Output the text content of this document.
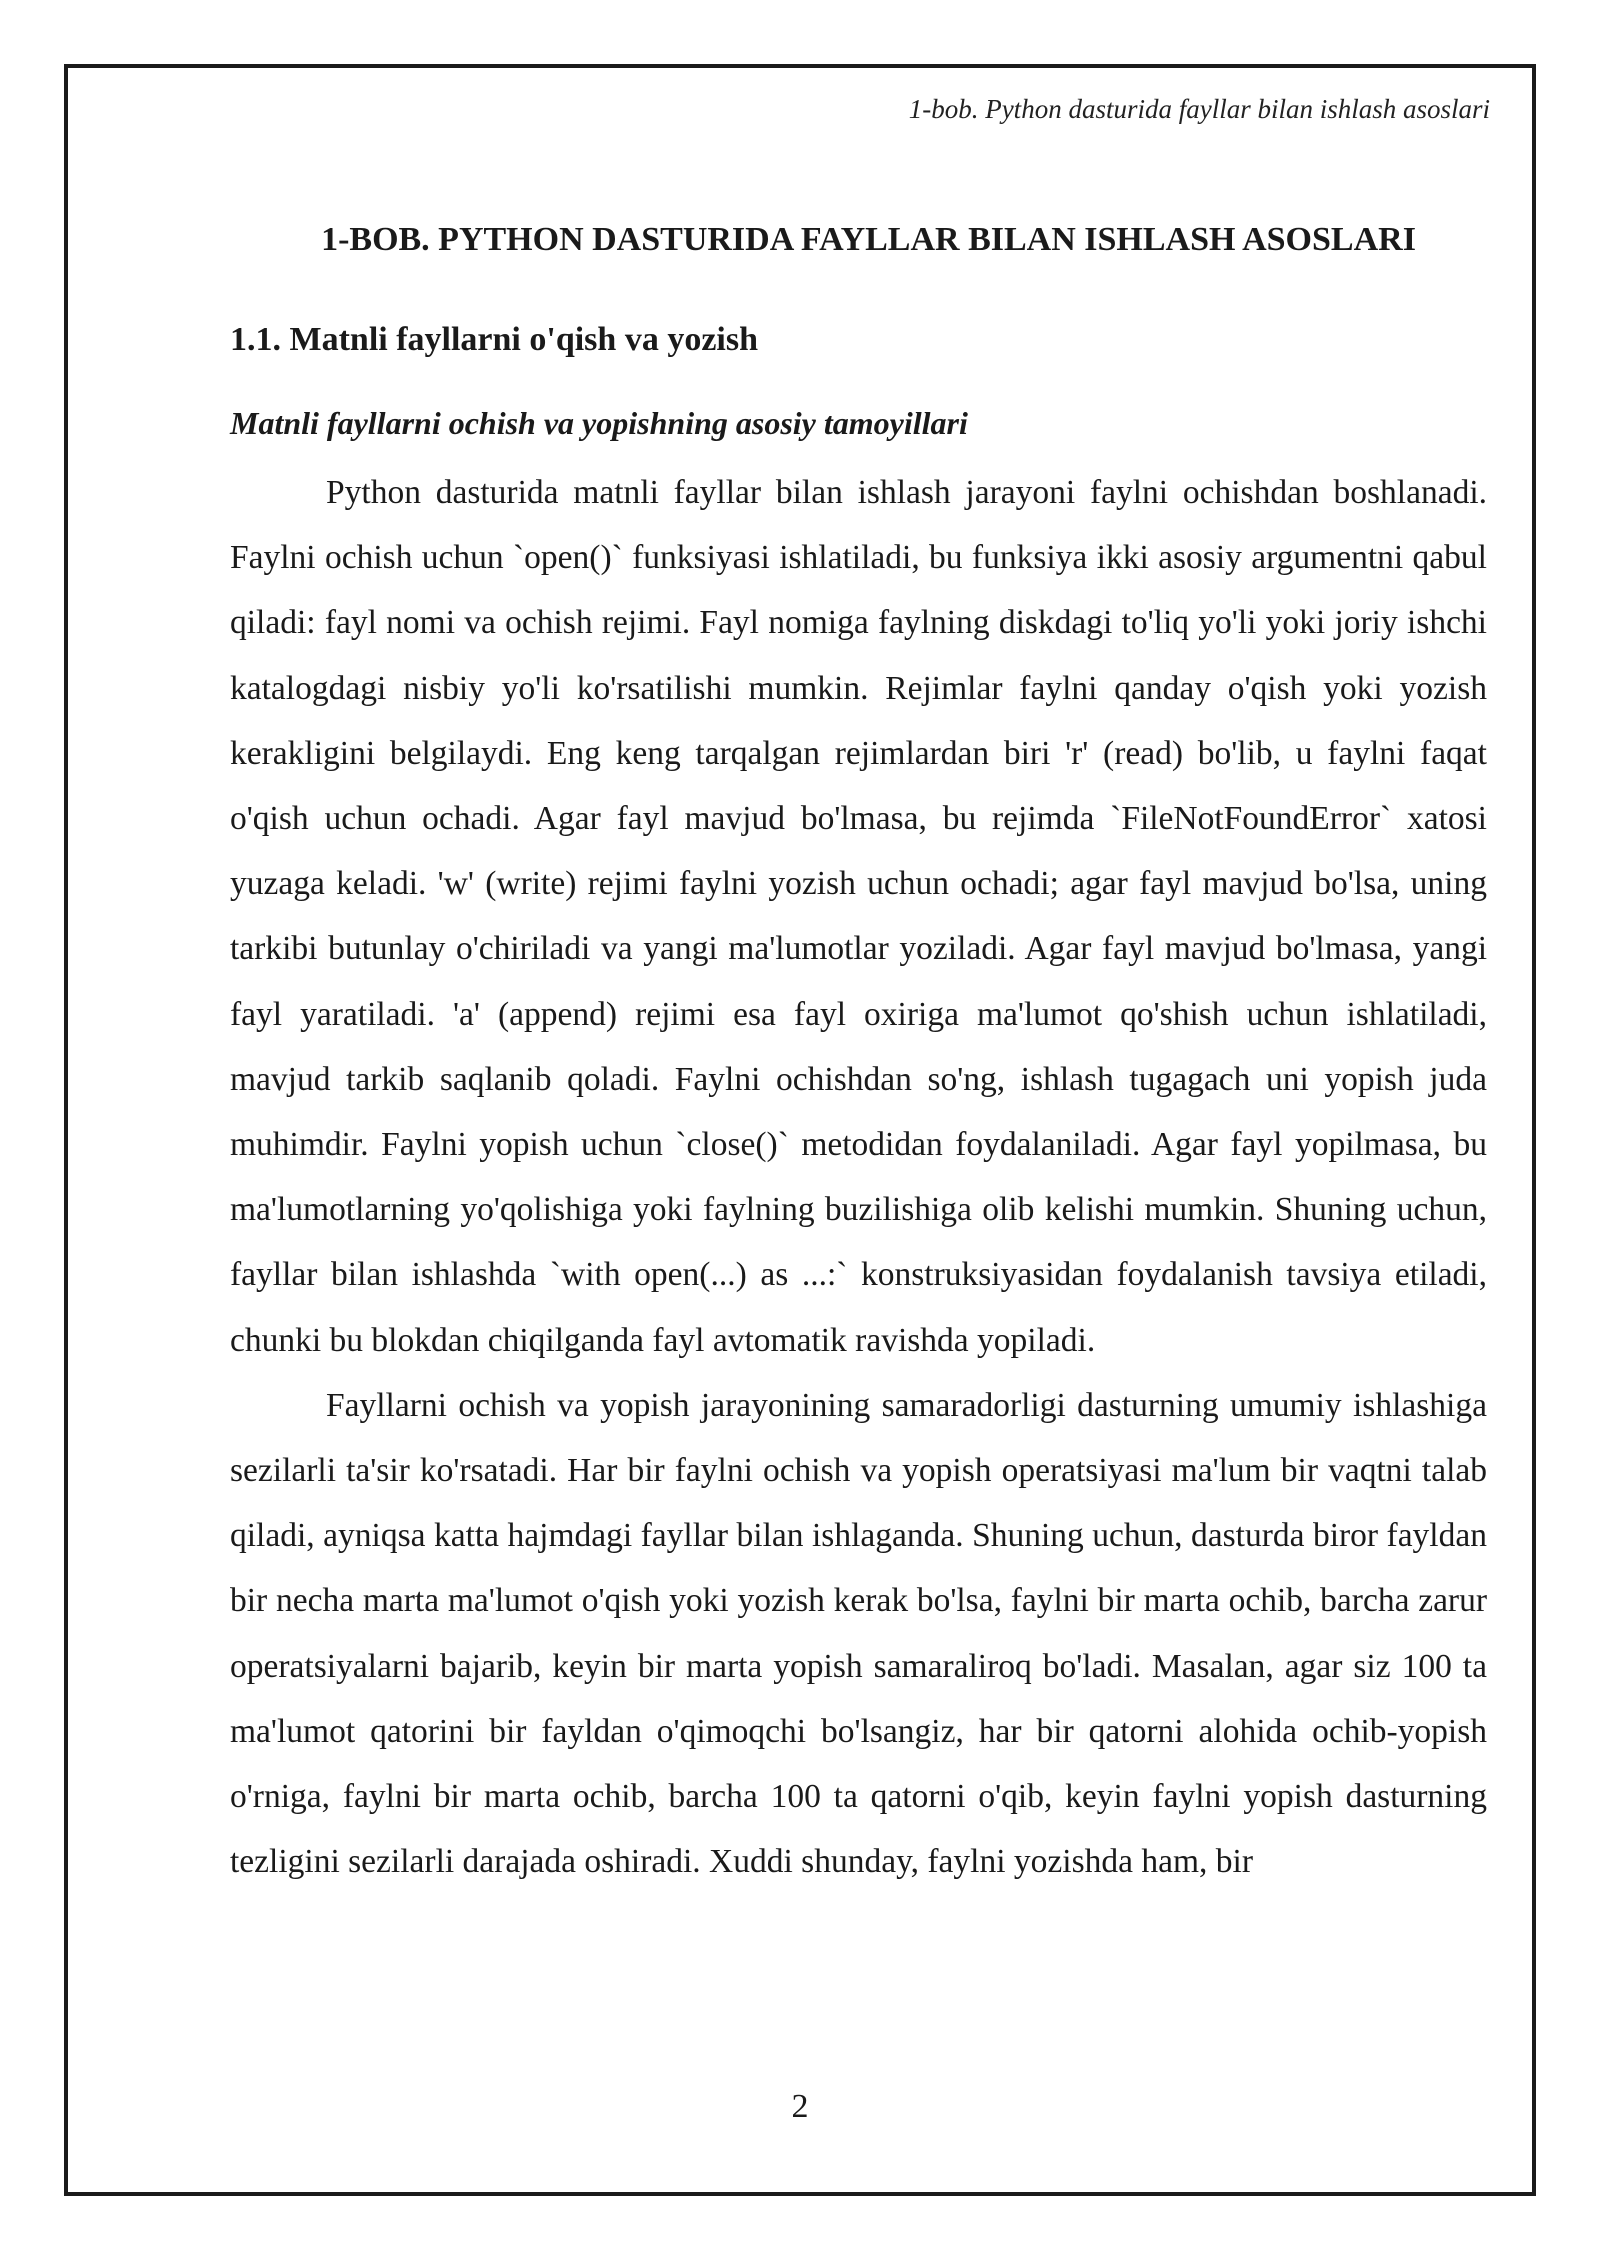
1-bob. Python dasturida fayllar bilan ishlash asoslari
1-BOB. PYTHON DASTURIDA FAYLLAR BILAN ISHLASH ASOSLARI
1.1. Matnli fayllarni o'qish va yozish
Matnli fayllarni ochish va yopishning asosiy tamoyillari

Python dasturida matnli fayllar bilan ishlash jarayoni faylni ochishdan boshlanadi. Faylni ochish uchun `open()` funksiyasi ishlatiladi, bu funksiya ikki asosiy argumentni qabul qiladi: fayl nomi va ochish rejimi. Fayl nomiga faylning diskdagi to'liq yo'li yoki joriy ishchi katalogdagi nisbiy yo'li ko'rsatilishi mumkin. Rejimlar faylni qanday o'qish yoki yozish kerakligini belgilaydi. Eng keng tarqalgan rejimlardan biri 'r' (read) bo'lib, u faylni faqat o'qish uchun ochadi. Agar fayl mavjud bo'lmasa, bu rejimda `FileNotFoundError` xatosi yuzaga keladi. 'w' (write) rejimi faylni yozish uchun ochadi; agar fayl mavjud bo'lsa, uning tarkibi butunlay o'chiriladi va yangi ma'lumotlar yoziladi. Agar fayl mavjud bo'lmasa, yangi fayl yaratiladi. 'a' (append) rejimi esa fayl oxiriga ma'lumot qo'shish uchun ishlatiladi, mavjud tarkib saqlanib qoladi. Faylni ochishdan so'ng, ishlash tugagach uni yopish juda muhimdir. Faylni yopish uchun `close()` metodidan foydalaniladi. Agar fayl yopilmasa, bu ma'lumotlarning yo'qolishiga yoki faylning buzilishiga olib kelishi mumkin. Shuning uchun, fayllar bilan ishlashda `with open(...) as ...:` konstruksiyasidan foydalanish tavsiya etiladi, chunki bu blokdan chiqilganda fayl avtomatik ravishda yopiladi.

Fayllarni ochish va yopish jarayonining samaradorligi dasturning umumiy ishlashiga sezilarli ta'sir ko'rsatadi. Har bir faylni ochish va yopish operatsiyasi ma'lum bir vaqtni talab qiladi, ayniqsa katta hajmdagi fayllar bilan ishlaganda. Shuning uchun, dasturda biror fayldan bir necha marta ma'lumot o'qish yoki yozish kerak bo'lsa, faylni bir marta ochib, barcha zarur operatsiyalarni bajarib, keyin bir marta yopish samaraliroq bo'ladi. Masalan, agar siz 100 ta ma'lumot qatorini bir fayldan o'qimoqchi bo'lsangiz, har bir qatorni alohida ochib-yopish o'rniga, faylni bir marta ochib, barcha 100 ta qatorni o'qib, keyin faylni yopish dasturning tezligini sezilarli darajada oshiradi. Xuddi shunday, faylni yozishda ham, bir

2
